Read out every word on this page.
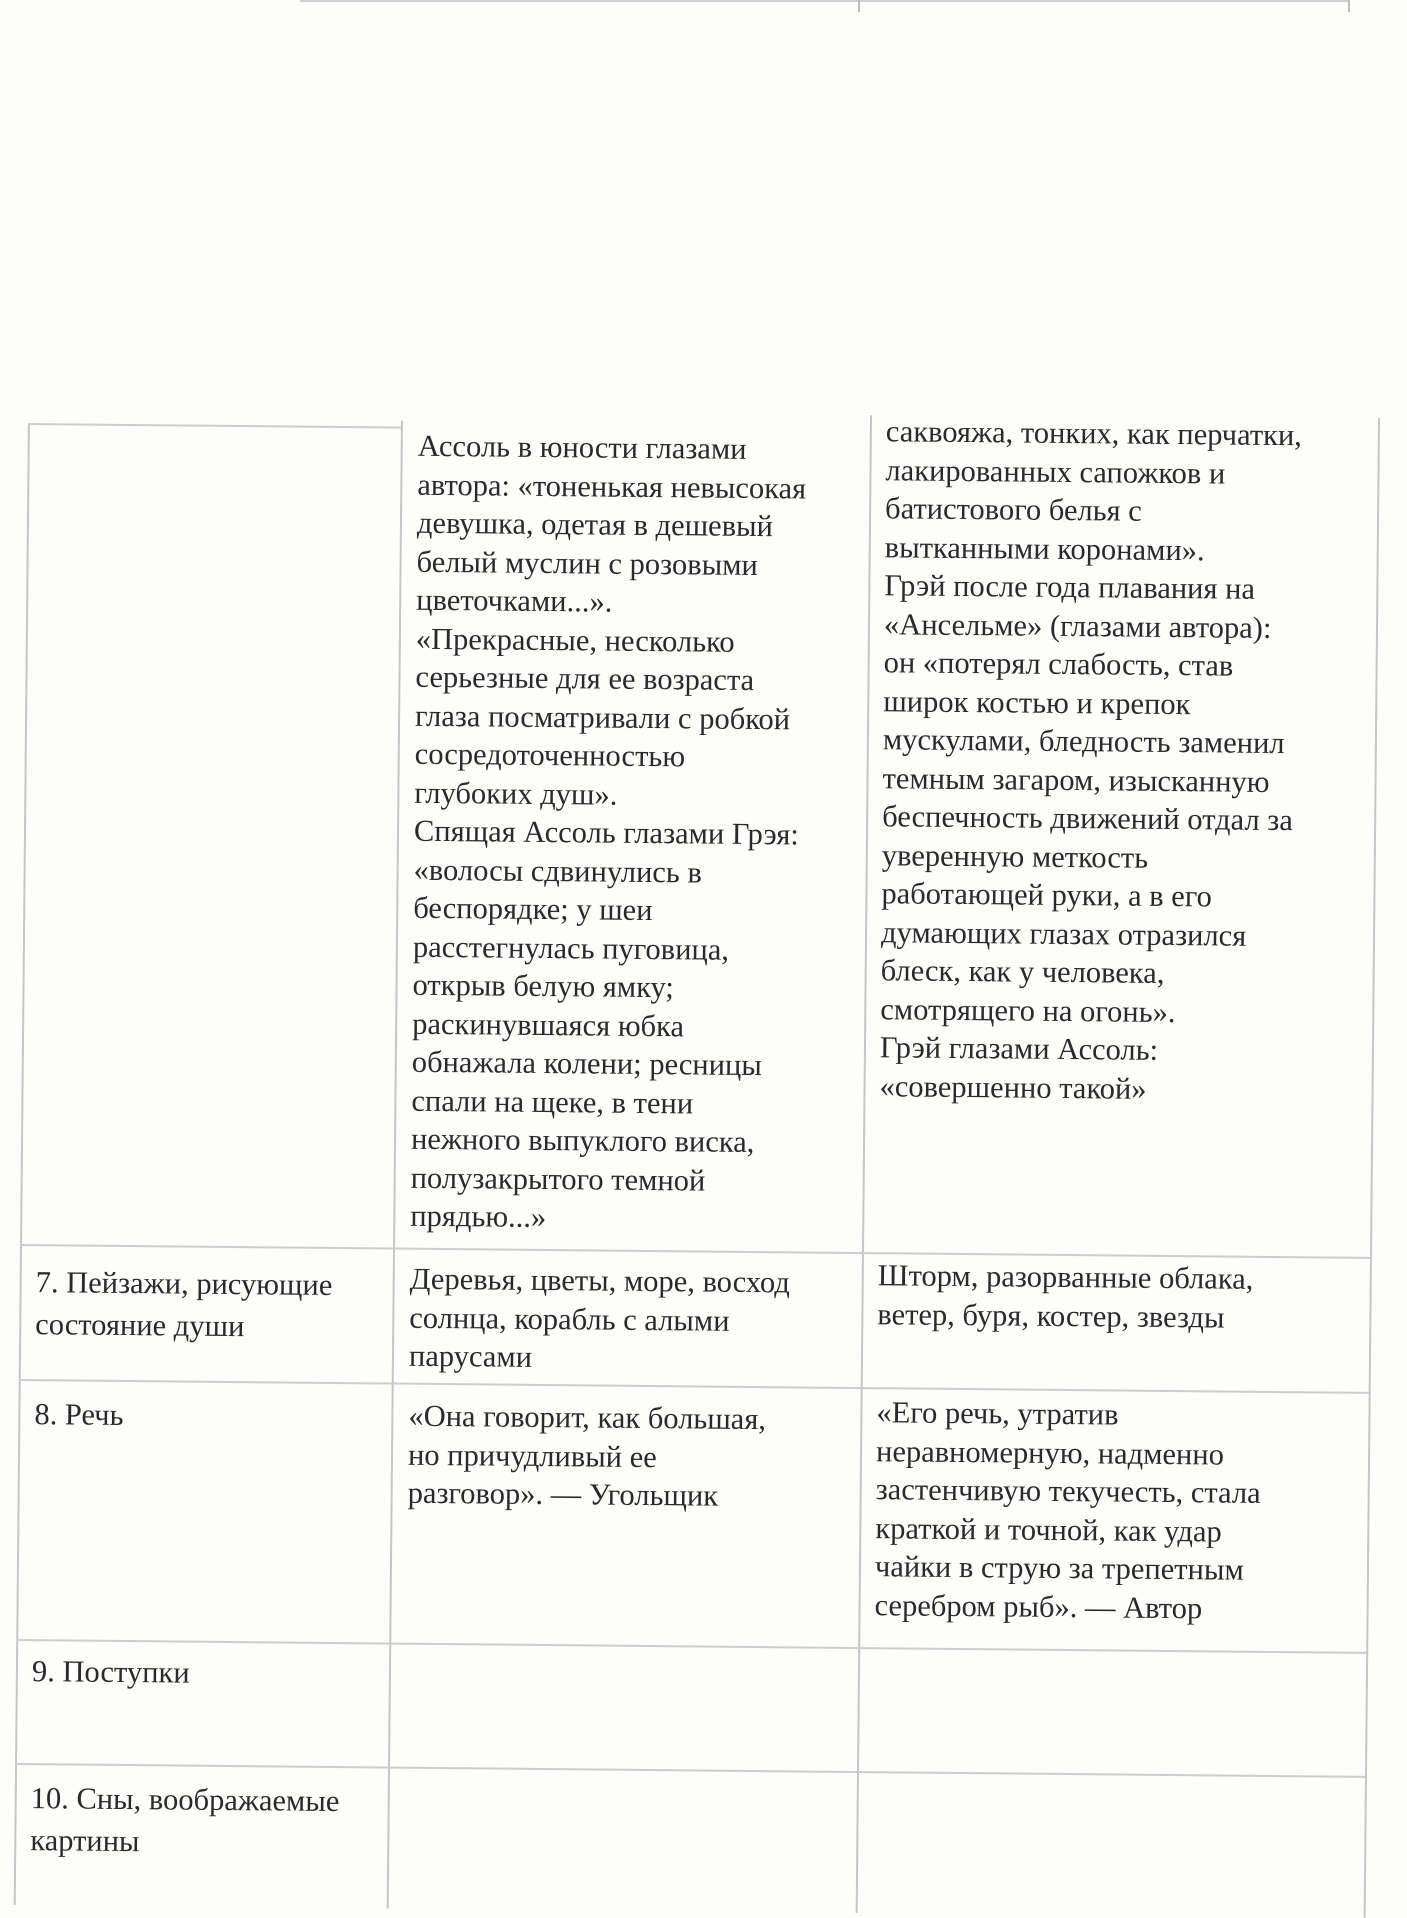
Ассоль в юности глазами
автора: «тоненькая невысокая
девушка, одетая в дешевый
белый муслин с розовыми
цветочками...».
«Прекрасные, несколько
серьезные для ее возраста
глаза посматривали с робкой
сосредоточенностью
глубоких душ».
Спящая Ассоль глазами Грэя:
«волосы сдвинулись в
беспорядке; у шеи
расстегнулась пуговица,
открыв белую ямку;
раскинувшаяся юбка
обнажала колени; ресницы
спали на щеке, в тени
нежного выпуклого виска,
полузакрытого темной
прядью...»
саквояжа, тонких, как перчатки,
лакированных сапожков и
батистового белья с
вытканными коронами».
Грэй после года плавания на
«Ансельме» (глазами автора):
он «потерял слабость, став
широк костью и крепок
мускулами, бледность заменил
темным загаром, изысканную
беспечность движений отдал за
уверенную меткость
работающей руки, а в его
думающих глазах отразился
блеск, как у человека,
смотрящего на огонь».
Грэй глазами Ассоль:
«совершенно такой»
7. Пейзажи, рисующие
состояние души
Деревья, цветы, море, восход
солнца, корабль с алыми
парусами
Шторм, разорванные облака,
ветер, буря, костер, звезды
8. Речь	«Она говорит, как большая,
но причудливый ее
разговор». — Угольщик
«Его речь, утратив
неравномерную, надменно
застенчивую текучесть, стала
краткой и точной, как удар
чайки в струю за трепетным
серебром рыб». — Автор
9. Поступки
10. Сны, воображаемые
картины
